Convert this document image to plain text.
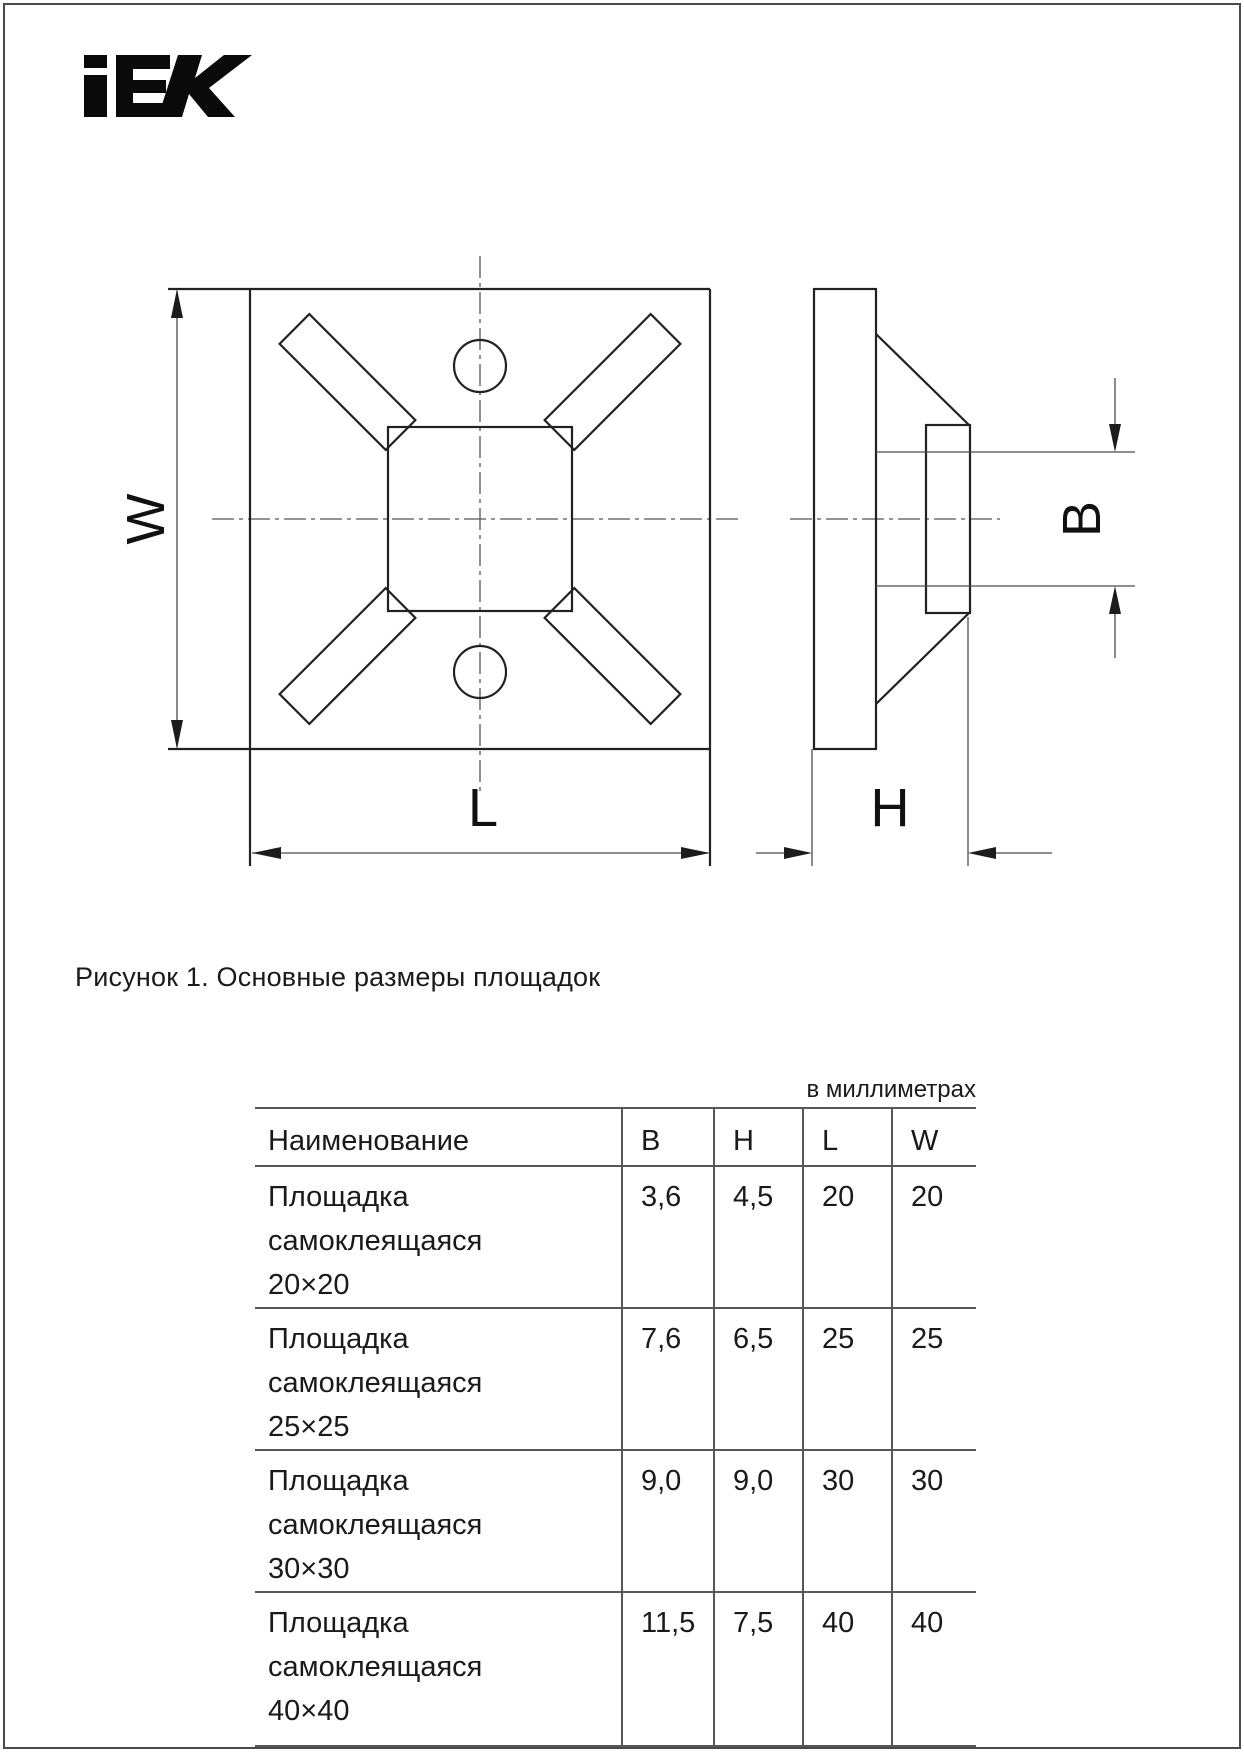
W
L
B
H
Рисунок 1. Основные размеры площадок
в миллиметрах
Наименование	B	H	L	W

Площадка самоклеящаяся
20×20	3,6	4,5	20	20

Площадка самоклеящаяся
25×25	7,6	6,5	25	25

Площадка самоклеящаяся
30×30	9,0	9,0	30	30

Площадка самоклеящаяся
40×40	11,5	7,5	40	40
